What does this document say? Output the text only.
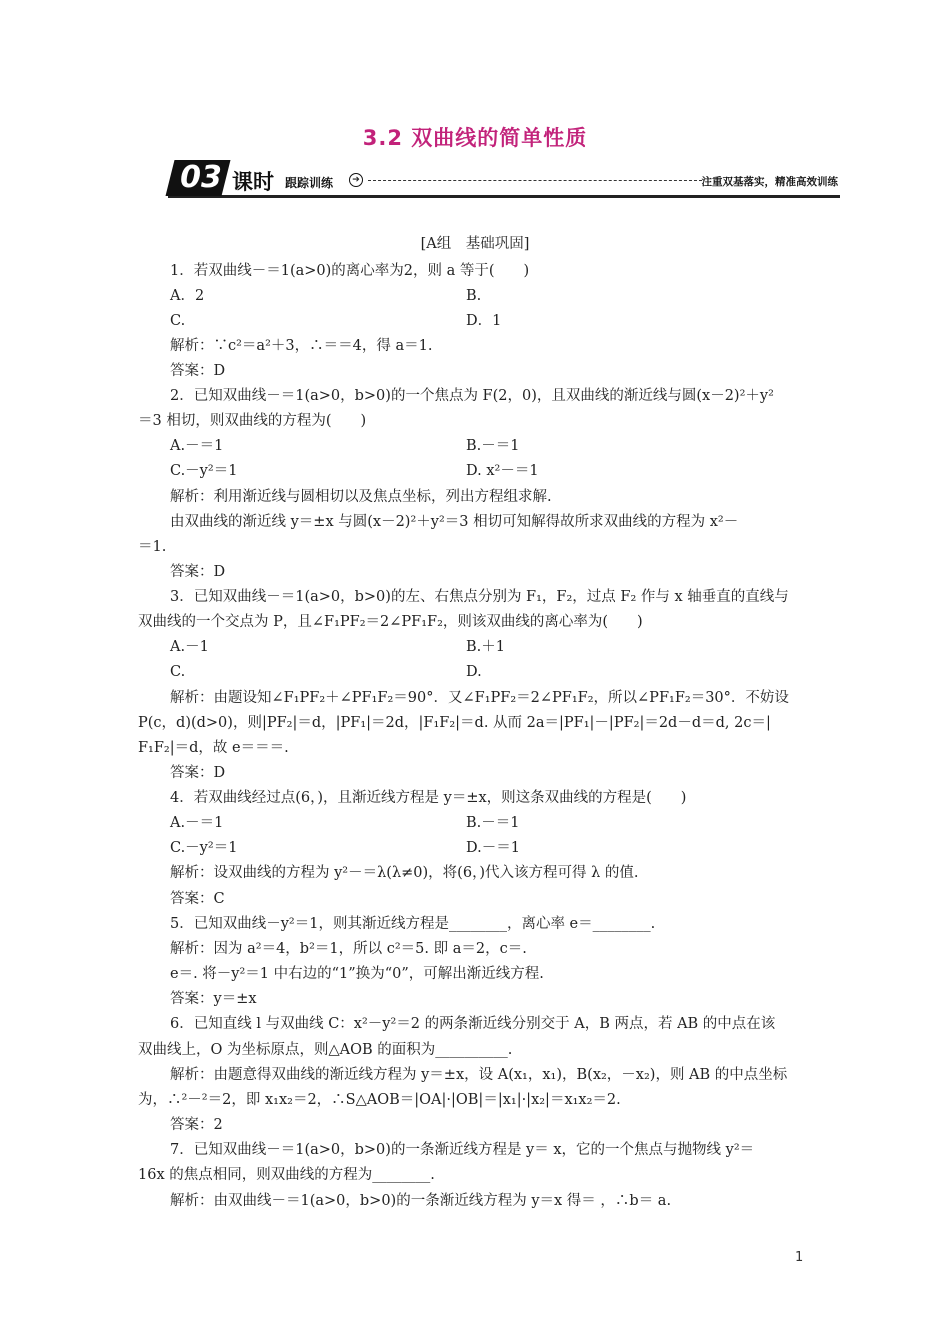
3.2 双曲线的简单性质
03 课时 跟踪训练	➔	注重双基落实，精准高效训练
[A组　基础巩固]
1．若双曲线－＝1(a>0)的离心率为2，则 a 等于(　　)
A．2	B.
C.	D．1
解析：∵c²＝a²＋3，∴＝＝4，得 a＝1.
答案：D
2．已知双曲线－＝1(a>0，b>0)的一个焦点为 F(2，0)，且双曲线的渐近线与圆(x－2)²＋y²
＝3 相切，则双曲线的方程为(　　)
A.－＝1	B.－＝1
C.－y²＝1	D. x²－＝1
解析：利用渐近线与圆相切以及焦点坐标，列出方程组求解.
由双曲线的渐近线 y＝±x 与圆(x－2)²＋y²＝3 相切可知解得故所求双曲线的方程为 x²－
＝1.
答案：D
3．已知双曲线－＝1(a>0，b>0)的左、右焦点分别为 F₁，F₂，过点 F₂ 作与 x 轴垂直的直线与
双曲线的一个交点为 P，且∠F₁PF₂＝2∠PF₁F₂，则该双曲线的离心率为(　　)
A.－1	B.＋1
C.	D.
解析：由题设知∠F₁PF₂＋∠PF₁F₂＝90°．又∠F₁PF₂＝2∠PF₁F₂，所以∠PF₁F₂＝30°．不妨设
P(c，d)(d>0)，则|PF₂|＝d，|PF₁|＝2d，|F₁F₂|＝d. 从而 2a＝|PF₁|－|PF₂|＝2d－d＝d, 2c＝|
F₁F₂|＝d，故 e＝＝＝.
答案：D
4．若双曲线经过点(6，)，且渐近线方程是 y＝±x，则这条双曲线的方程是(　　)
A.－＝1	B.－＝1
C.－y²＝1	D.－＝1
解析：设双曲线的方程为 y²－＝λ(λ≠0)，将(6，)代入该方程可得 λ 的值.
答案：C
5．已知双曲线－y²＝1，则其渐近线方程是________，离心率 e＝________.
解析：因为 a²＝4，b²＝1，所以 c²＝5. 即 a＝2，c＝.
e＝. 将－y²＝1 中右边的“1”换为“0”，可解出渐近线方程.
答案：y＝±x
6．已知直线 l 与双曲线 C：x²－y²＝2 的两条渐近线分别交于 A，B 两点，若 AB 的中点在该
双曲线上，O 为坐标原点，则△AOB 的面积为__________.
解析：由题意得双曲线的渐近线方程为 y＝±x，设 A(x₁，x₁)，B(x₂，－x₂)，则 AB 的中点坐标
为，∴²－²＝2，即 x₁x₂＝2，∴S△AOB＝|OA|·|OB|＝|x₁|·|x₂|＝x₁x₂＝2.
答案：2
7．已知双曲线－＝1(a>0，b>0)的一条渐近线方程是 y＝ x，它的一个焦点与抛物线 y²＝
16x 的焦点相同，则双曲线的方程为________.
解析：由双曲线－＝1(a>0，b>0)的一条渐近线方程为 y＝x 得＝ ，∴b＝ a.
1
